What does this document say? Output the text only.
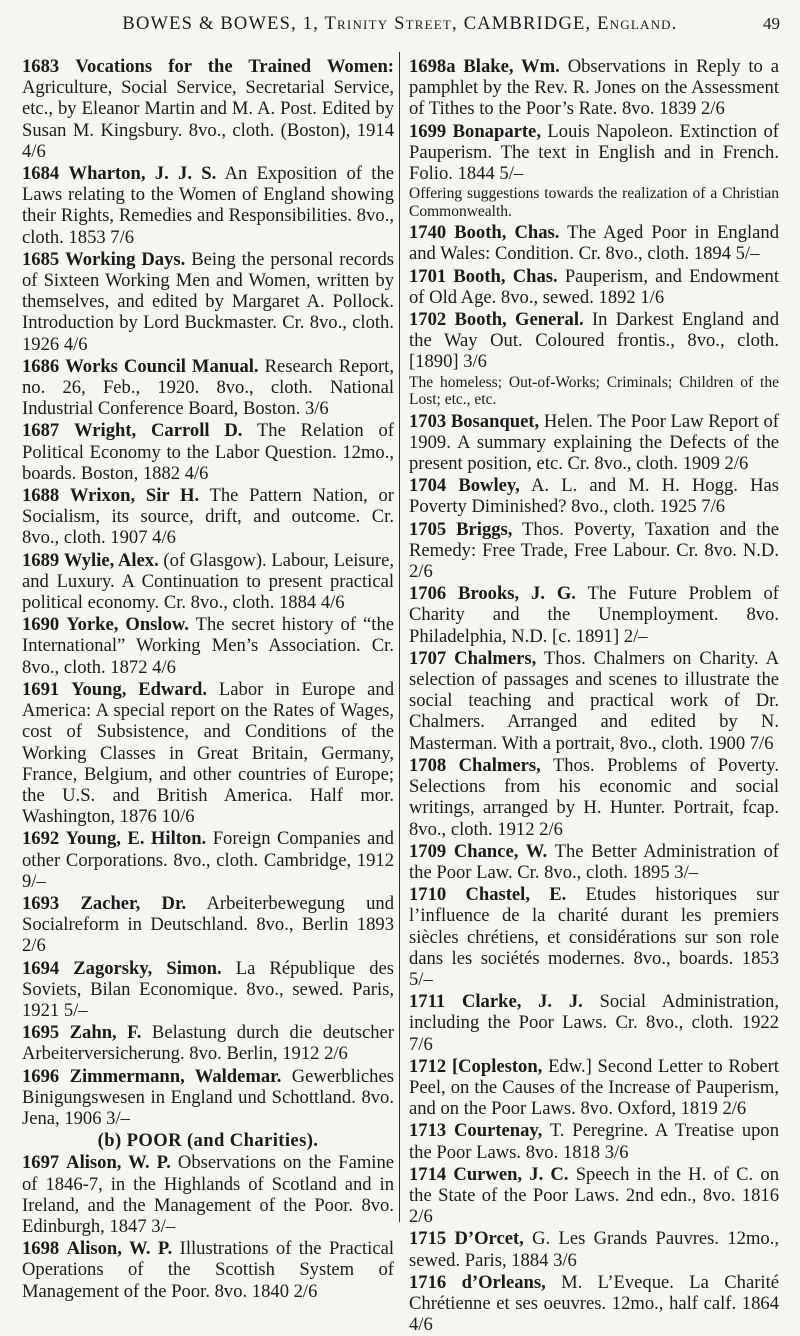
BOWES & BOWES, 1, Trinity Street, CAMBRIDGE, England.	49
1683 Vocations for the Trained Women: Agriculture, Social Service, Secretarial Service, etc., by Eleanor Martin and M. A. Post. Edited by Susan M. Kingsbury. 8vo., cloth. (Boston), 1914 4/6
1684 Wharton, J. J. S. An Exposition of the Laws relating to the Women of England showing their Rights, Remedies and Responsibilities. 8vo., cloth. 1853 7/6
1685 Working Days. Being the personal records of Sixteen Working Men and Women, written by themselves, and edited by Margaret A. Pollock. Introduction by Lord Buckmaster. Cr. 8vo., cloth. 1926 4/6
1686 Works Council Manual. Research Report, no. 26, Feb., 1920. 8vo., cloth. National Industrial Conference Board, Boston. 3/6
1687 Wright, Carroll D. The Relation of Political Economy to the Labor Question. 12mo., boards. Boston, 1882 4/6
1688 Wrixon, Sir H. The Pattern Nation, or Socialism, its source, drift, and outcome. Cr. 8vo., cloth. 1907 4/6
1689 Wylie, Alex. (of Glasgow). Labour, Leisure, and Luxury. A Continuation to present practical political economy. Cr. 8vo., cloth. 1884 4/6
1690 Yorke, Onslow. The secret history of “the International” Working Men’s Association. Cr. 8vo., cloth. 1872 4/6
1691 Young, Edward. Labor in Europe and America: A special report on the Rates of Wages, cost of Subsistence, and Conditions of the Working Classes in Great Britain, Germany, France, Belgium, and other countries of Europe; the U.S. and British America. Half mor. Washington, 1876 10/6
1692 Young, E. Hilton. Foreign Companies and other Corporations. 8vo., cloth. Cambridge, 1912 9/–
1693 Zacher, Dr. Arbeiterbewegung und Socialreform in Deutschland. 8vo., Berlin 1893 2/6
1694 Zagorsky, Simon. La République des Soviets, Bilan Economique. 8vo., sewed. Paris, 1921 5/–
1695 Zahn, F. Belastung durch die deutscher Arbeiterversicherung. 8vo. Berlin, 1912 2/6
1696 Zimmermann, Waldemar. Gewerbliches Binigungswesen in England und Schottland. 8vo. Jena, 1906 3/–
(b) POOR (and Charities).
1697 Alison, W. P. Observations on the Famine of 1846-7, in the Highlands of Scotland and in Ireland, and the Management of the Poor. 8vo. Edinburgh, 1847 3/–
1698 Alison, W. P. Illustrations of the Practical Operations of the Scottish System of Management of the Poor. 8vo. 1840 2/6
1698a Blake, Wm. Observations in Reply to a pamphlet by the Rev. R. Jones on the Assessment of Tithes to the Poor’s Rate. 8vo. 1839 2/6
1699 Bonaparte, Louis Napoleon. Extinction of Pauperism. The text in English and in French. Folio. 1844 5/–
Offering suggestions towards the realization of a Christian Commonwealth.
1740 Booth, Chas. The Aged Poor in England and Wales: Condition. Cr. 8vo., cloth. 1894 5/–
1701 Booth, Chas. Pauperism, and Endowment of Old Age. 8vo., sewed. 1892 1/6
1702 Booth, General. In Darkest England and the Way Out. Coloured frontis., 8vo., cloth. [1890] 3/6
The homeless; Out-of-Works; Criminals; Children of the Lost; etc., etc.
1703 Bosanquet, Helen. The Poor Law Report of 1909. A summary explaining the Defects of the present position, etc. Cr. 8vo., cloth. 1909 2/6
1704 Bowley, A. L. and M. H. Hogg. Has Poverty Diminished? 8vo., cloth. 1925 7/6
1705 Briggs, Thos. Poverty, Taxation and the Remedy: Free Trade, Free Labour. Cr. 8vo. N.D. 2/6
1706 Brooks, J. G. The Future Problem of Charity and the Unemployment. 8vo. Philadelphia, N.D. [c. 1891] 2/–
1707 Chalmers, Thos. Chalmers on Charity. A selection of passages and scenes to illustrate the social teaching and practical work of Dr. Chalmers. Arranged and edited by N. Masterman. With a portrait, 8vo., cloth. 1900 7/6
1708 Chalmers, Thos. Problems of Poverty. Selections from his economic and social writings, arranged by H. Hunter. Portrait, fcap. 8vo., cloth. 1912 2/6
1709 Chance, W. The Better Administration of the Poor Law. Cr. 8vo., cloth. 1895 3/–
1710 Chastel, E. Etudes historiques sur l’influence de la charité durant les premiers siècles chrétiens, et considérations sur son role dans les sociétés modernes. 8vo., boards. 1853 5/–
1711 Clarke, J. J. Social Administration, including the Poor Laws. Cr. 8vo., cloth. 1922 7/6
1712 [Copleston, Edw.] Second Letter to Robert Peel, on the Causes of the Increase of Pauperism, and on the Poor Laws. 8vo. Oxford, 1819 2/6
1713 Courtenay, T. Peregrine. A Treatise upon the Poor Laws. 8vo. 1818 3/6
1714 Curwen, J. C. Speech in the H. of C. on the State of the Poor Laws. 2nd edn., 8vo. 1816 2/6
1715 D’Orcet, G. Les Grands Pauvres. 12mo., sewed. Paris, 1884 3/6
1716 d’Orleans, M. L’Eveque. La Charité Chrétienne et ses oeuvres. 12mo., half calf. 1864 4/6
